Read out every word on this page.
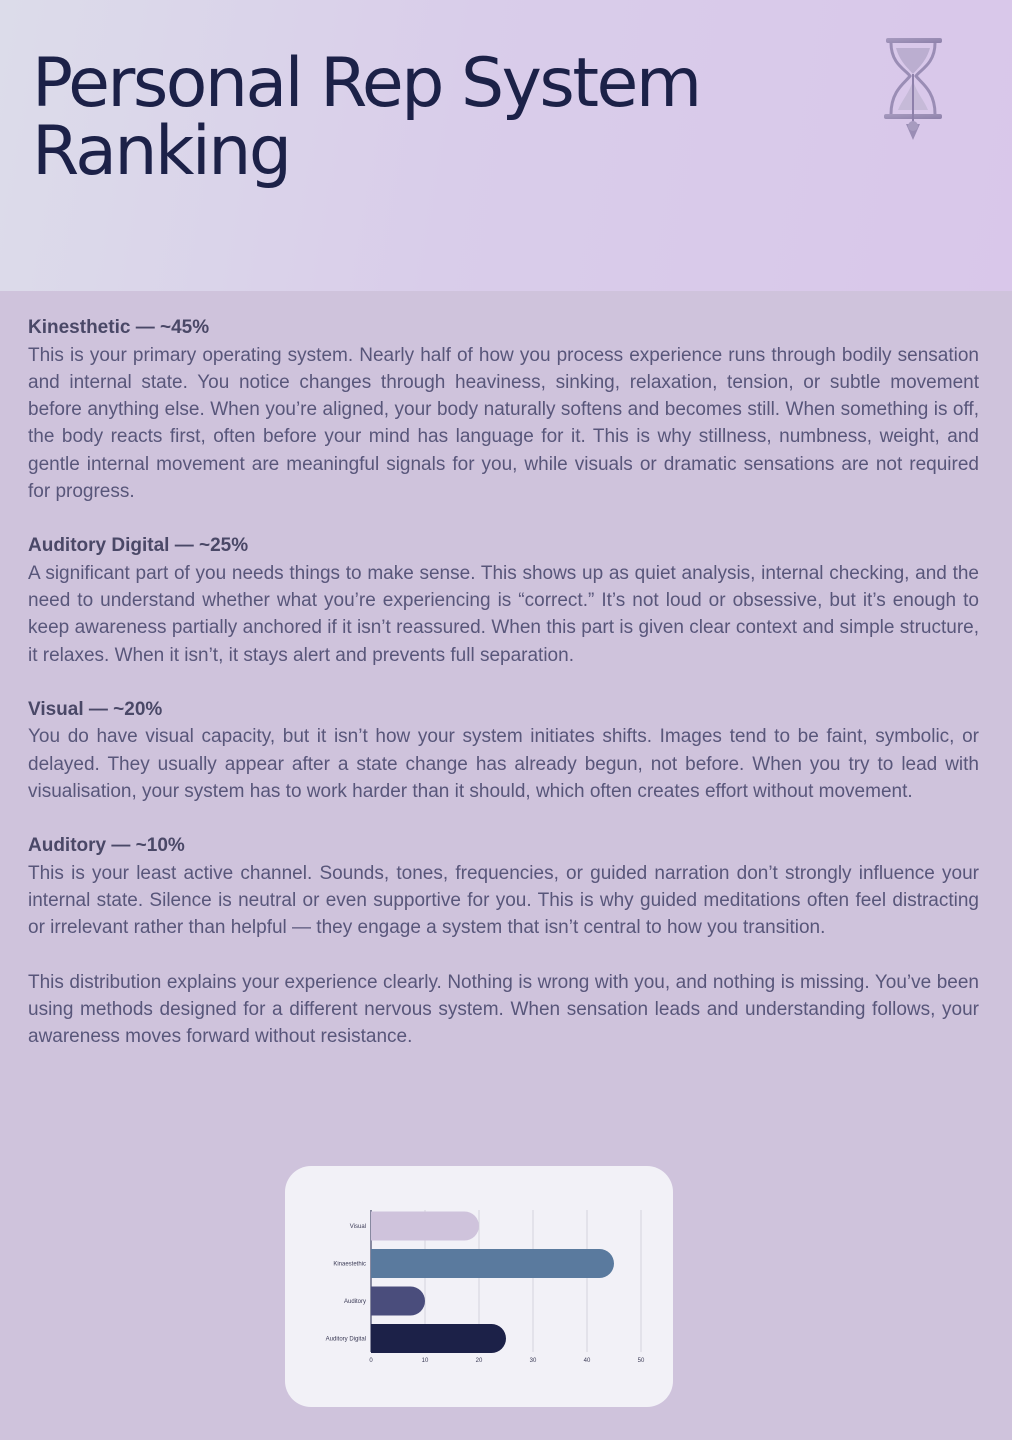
Personal Rep System Ranking
Kinesthetic — ~45%

This is your primary operating system. Nearly half of how you process experience runs through bodily sensation and internal state. You notice changes through heaviness, sinking, relaxation, tension, or subtle movement before anything else. When you’re aligned, your body naturally softens and becomes still. When something is off, the body reacts first, often before your mind has language for it. This is why stillness, numbness, weight, and gentle internal movement are meaningful signals for you, while visuals or dramatic sensations are not required for progress.

Auditory Digital — ~25%

A significant part of you needs things to make sense. This shows up as quiet analysis, internal checking, and the need to understand whether what you’re experiencing is “correct.” It’s not loud or obsessive, but it’s enough to keep awareness partially anchored if it isn’t reassured. When this part is given clear context and simple structure, it relaxes. When it isn’t, it stays alert and prevents full separation.

Visual — ~20%

You do have visual capacity, but it isn’t how your system initiates shifts. Images tend to be faint, symbolic, or delayed. They usually appear after a state change has already begun, not before. When you try to lead with visualisation, your system has to work harder than it should, which often creates effort without movement.

Auditory — ~10%

This is your least active channel. Sounds, tones, frequencies, or guided narration don’t strongly influence your internal state. Silence is neutral or even supportive for you. This is why guided meditations often feel distracting or irrelevant rather than helpful — they engage a system that isn’t central to how you transition.

This distribution explains your experience clearly. Nothing is wrong with you, and nothing is missing. You’ve been using methods designed for a different nervous system. When sensation leads and understanding follows, your awareness moves forward without resistance.

0	10	20	30	40	50
Visual
Kinaestethic
Auditory
Auditory Digital
